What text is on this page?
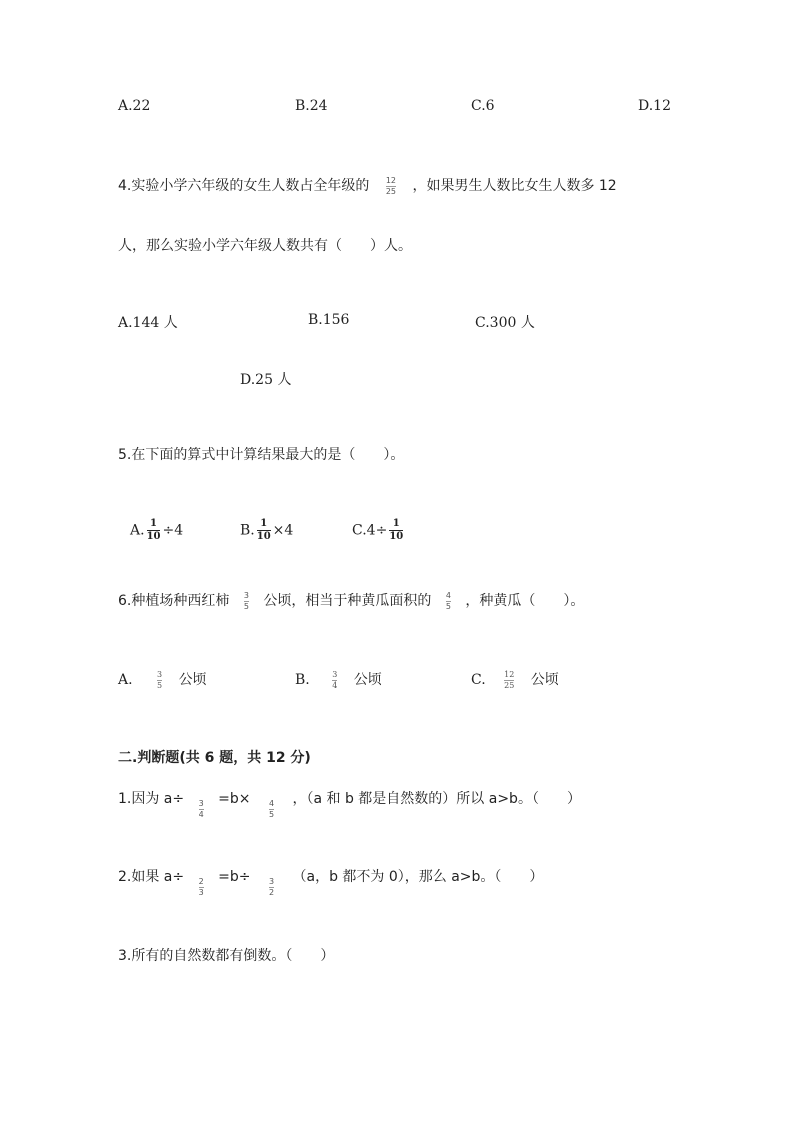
A.22	B.24	C.6	D.12
4.实验小学六年级的女生人数占全年级的 $\frac{12}{25}$ ，如果男生人数比女生人数多 12
人，那么实验小学六年级人数共有（　　）人。
A.144 人	B.156	C.300 人
D.25 人
5.在下面的算式中计算结果最大的是（　　）。
A. $\frac{1}{10} \div 4$	B. $\frac{1}{10} \times 4$	$C.4\div \frac{1}{10}$
6.种植场种西红柿 $\frac{3}{5}$ 公顷，相当于种黄瓜面积的 $\frac{4}{5}$ ，种黄瓜（　　）。
A.	$\frac{3}{5}$ 公顷	B.	$\frac{3}{4}$ 公顷	C. $\frac{12}{25}$ 公顷
二.判断题(共 6 题，共 12 分)
1.因为 a÷
$\frac{3}{4}$
=b×
$\frac{4}{5}$
，（a 和 b 都是自然数的）所以 a>b。（　　）
2.如果 a÷
$\frac{2}{3}$
=b÷
$\frac{3}{2}$
（a，b 都不为 0），那么 a>b。（　　）
3.所有的自然数都有倒数。（　　）
